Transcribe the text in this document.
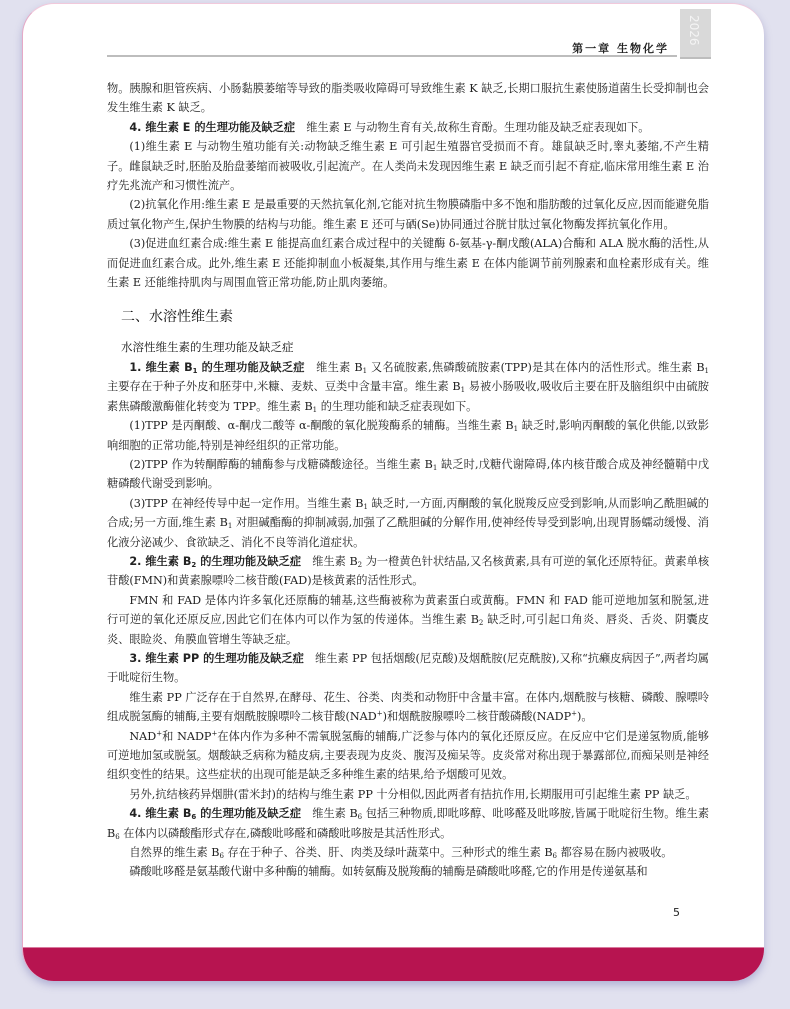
2026
第一章 生物化学

物。胰腺和胆管疾病、小肠黏膜萎缩等导致的脂类吸收障碍可导致维生素 K 缺乏,长期口服抗生素使肠道菌生长受抑制也会发生维生素 K 缺乏。

4. 维生素 E 的生理功能及缺乏症  维生素 E 与动物生育有关,故称生育酚。生理功能及缺乏症表现如下。

(1)维生素 E 与动物生殖功能有关:动物缺乏维生素 E 可引起生殖器官受损而不育。雄鼠缺乏时,睾丸萎缩,不产生精子。雌鼠缺乏时,胚胎及胎盘萎缩而被吸收,引起流产。在人类尚未发现因维生素 E 缺乏而引起不育症,临床常用维生素 E 治疗先兆流产和习惯性流产。

(2)抗氧化作用:维生素 E 是最重要的天然抗氧化剂,它能对抗生物膜磷脂中多不饱和脂肪酸的过氧化反应,因而能避免脂质过氧化物产生,保护生物膜的结构与功能。维生素 E 还可与硒(Se)协同通过谷胱甘肽过氧化物酶发挥抗氧化作用。

(3)促进血红素合成:维生素 E 能提高血红素合成过程中的关键酶 δ-氨基-γ-酮戊酸(ALA)合酶和 ALA 脱水酶的活性,从而促进血红素合成。此外,维生素 E 还能抑制血小板凝集,其作用与维生素 E 在体内能调节前列腺素和血栓素形成有关。维生素 E 还能维持肌肉与周围血管正常功能,防止肌肉萎缩。

二、水溶性维生素

水溶性维生素的生理功能及缺乏症

1. 维生素 $B_1$ 的生理功能及缺乏症  维生素 $B_1$ 又名硫胺素,焦磷酸硫胺素(TPP)是其在体内的活性形式。维生素 $B_1$ 主要存在于种子外皮和胚芽中,米糠、麦麸、豆类中含量丰富。维生素 $B_1$ 易被小肠吸收,吸收后主要在肝及脑组织中由硫胺素焦磷酸激酶催化转变为 TPP。维生素 $B_1$ 的生理功能和缺乏症表现如下。

(1)TPP 是丙酮酸、α-酮戊二酸等 α-酮酸的氧化脱羧酶系的辅酶。当维生素 $B_1$ 缺乏时,影响丙酮酸的氧化供能,以致影响细胞的正常功能,特别是神经组织的正常功能。

(2)TPP 作为转酮醇酶的辅酶参与戊糖磷酸途径。当维生素 $B_1$ 缺乏时,戊糖代谢障碍,体内核苷酸合成及神经髓鞘中戊糖磷酸代谢受到影响。

(3)TPP 在神经传导中起一定作用。当维生素 $B_1$ 缺乏时,一方面,丙酮酸的氧化脱羧反应受到影响,从而影响乙酰胆碱的合成;另一方面,维生素 $B_1$ 对胆碱酯酶的抑制减弱,加强了乙酰胆碱的分解作用,使神经传导受到影响,出现胃肠蠕动缓慢、消化液分泌减少、食欲缺乏、消化不良等消化道症状。

2. 维生素 $B_2$ 的生理功能及缺乏症  维生素 $B_2$ 为一橙黄色针状结晶,又名核黄素,具有可逆的氧化还原特征。黄素单核苷酸(FMN)和黄素腺嘌呤二核苷酸(FAD)是核黄素的活性形式。

FMN 和 FAD 是体内许多氧化还原酶的辅基,这些酶被称为黄素蛋白或黄酶。FMN 和 FAD 能可逆地加氢和脱氢,进行可逆的氧化还原反应,因此它们在体内可以作为氢的传递体。当维生素 $B_2$ 缺乏时,可引起口角炎、唇炎、舌炎、阴囊皮炎、眼睑炎、角膜血管增生等缺乏症。

3. 维生素 PP 的生理功能及缺乏症  维生素 PP 包括烟酸(尼克酸)及烟酰胺(尼克酰胺),又称“抗癞皮病因子”,两者均属于吡啶衍生物。

维生素 PP 广泛存在于自然界,在酵母、花生、谷类、肉类和动物肝中含量丰富。在体内,烟酰胺与核糖、磷酸、腺嘌呤组成脱氢酶的辅酶,主要有烟酰胺腺嘌呤二核苷酸(NAD+)和烟酰胺腺嘌呤二核苷酸磷酸(NADP+)。

NAD+和 NADP+在体内作为多种不需氧脱氢酶的辅酶,广泛参与体内的氧化还原反应。在反应中它们是递氢物质,能够可逆地加氢或脱氢。烟酸缺乏病称为糙皮病,主要表现为皮炎、腹泻及痴呆等。皮炎常对称出现于暴露部位,而痴呆则是神经组织变性的结果。这些症状的出现可能是缺乏多种维生素的结果,给予烟酸可见效。

另外,抗结核药异烟肼(雷米封)的结构与维生素 PP 十分相似,因此两者有拮抗作用,长期服用可引起维生素 PP 缺乏。

4. 维生素 $B_6$ 的生理功能及缺乏症  维生素 $B_6$ 包括三种物质,即吡哆醇、吡哆醛及吡哆胺,皆属于吡啶衍生物。维生素 $B_6$ 在体内以磷酸酯形式存在,磷酸吡哆醛和磷酸吡哆胺是其活性形式。

自然界的维生素 $B_6$ 存在于种子、谷类、肝、肉类及绿叶蔬菜中。三种形式的维生素 $B_6$ 都容易在肠内被吸收。

磷酸吡哆醛是氨基酸代谢中多种酶的辅酶。如转氨酶及脱羧酶的辅酶是磷酸吡哆醛,它的作用是传递氨基和

5
